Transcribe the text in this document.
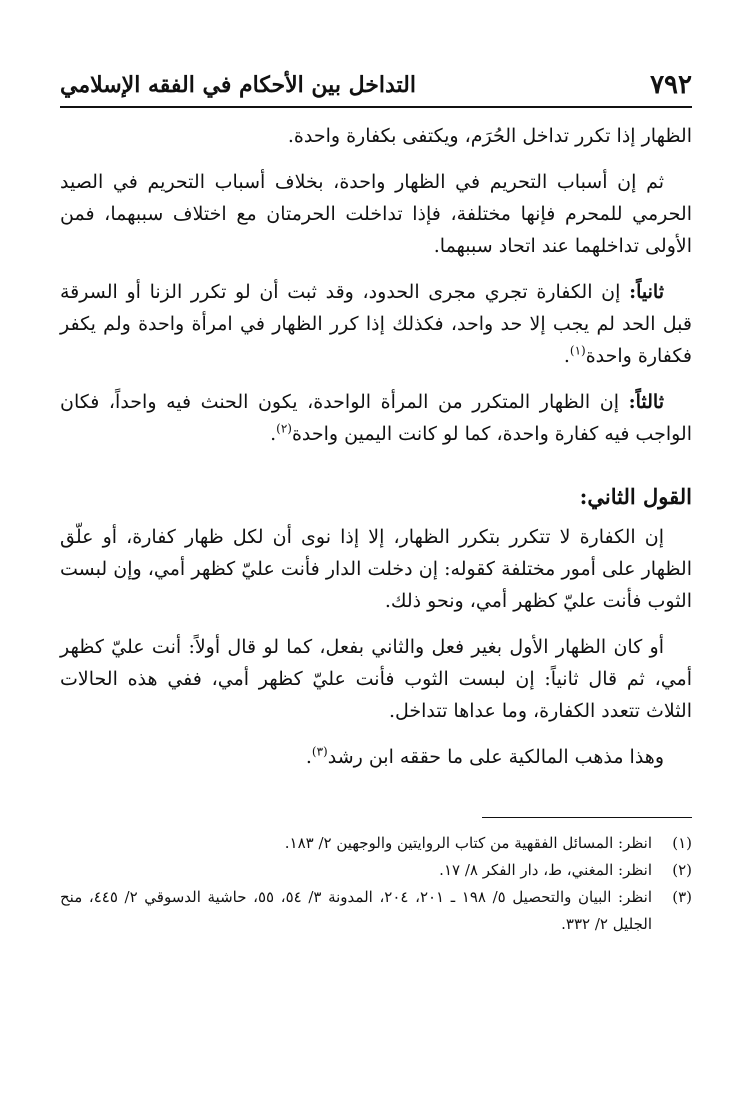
٧٩٢
التداخل بين الأحكام في الفقه الإسلامي

الظهار إذا تكرر تداخل الحُرَم، ويكتفى بكفارة واحدة.

ثم إن أسباب التحريم في الظهار واحدة، بخلاف أسباب التحريم في الصيد الحرمي للمحرم فإنها مختلفة، فإذا تداخلت الحرمتان مع اختلاف سببهما، فمن الأولى تداخلهما عند اتحاد سببهما.

ثانياً: إن الكفارة تجري مجرى الحدود، وقد ثبت أن لو تكرر الزنا أو السرقة قبل الحد لم يجب إلا حد واحد، فكذلك إذا كرر الظهار في امرأة واحدة ولم يكفر فكفارة واحدة$^{(١)}$.

ثالثاً: إن الظهار المتكرر من المرأة الواحدة، يكون الحنث فيه واحداً، فكان الواجب فيه كفارة واحدة، كما لو كانت اليمين واحدة$^{(٢)}$.

القول الثاني:

إن الكفارة لا تتكرر بتكرر الظهار، إلا إذا نوى أن لكل ظهار كفارة، أو علّق الظهار على أمور مختلفة كقوله: إن دخلت الدار فأنت عليّ كظهر أمي، وإن لبست الثوب فأنت عليّ كظهر أمي، ونحو ذلك.

أو كان الظهار الأول بغير فعل والثاني بفعل، كما لو قال أولاً: أنت عليّ كظهر أمي، ثم قال ثانياً: إن لبست الثوب فأنت عليّ كظهر أمي، ففي هذه الحالات الثلاث تتعدد الكفارة، وما عداها تتداخل.

وهذا مذهب المالكية على ما حققه ابن رشد$^{(٣)}$.

(١)
انظر: المسائل الفقهية من كتاب الروايتين والوجهين ٢/ ١٨٣.
(٢)
انظر: المغني، ط، دار الفكر ٨/ ١٧.
(٣)
انظر: البيان والتحصيل ٥/ ١٩٨ ـ ٢٠١، ٢٠٤، المدونة ٣/ ٥٤، ٥٥، حاشية الدسوقي ٢/ ٤٤٥، منح الجليل ٢/ ٣٣٢.
